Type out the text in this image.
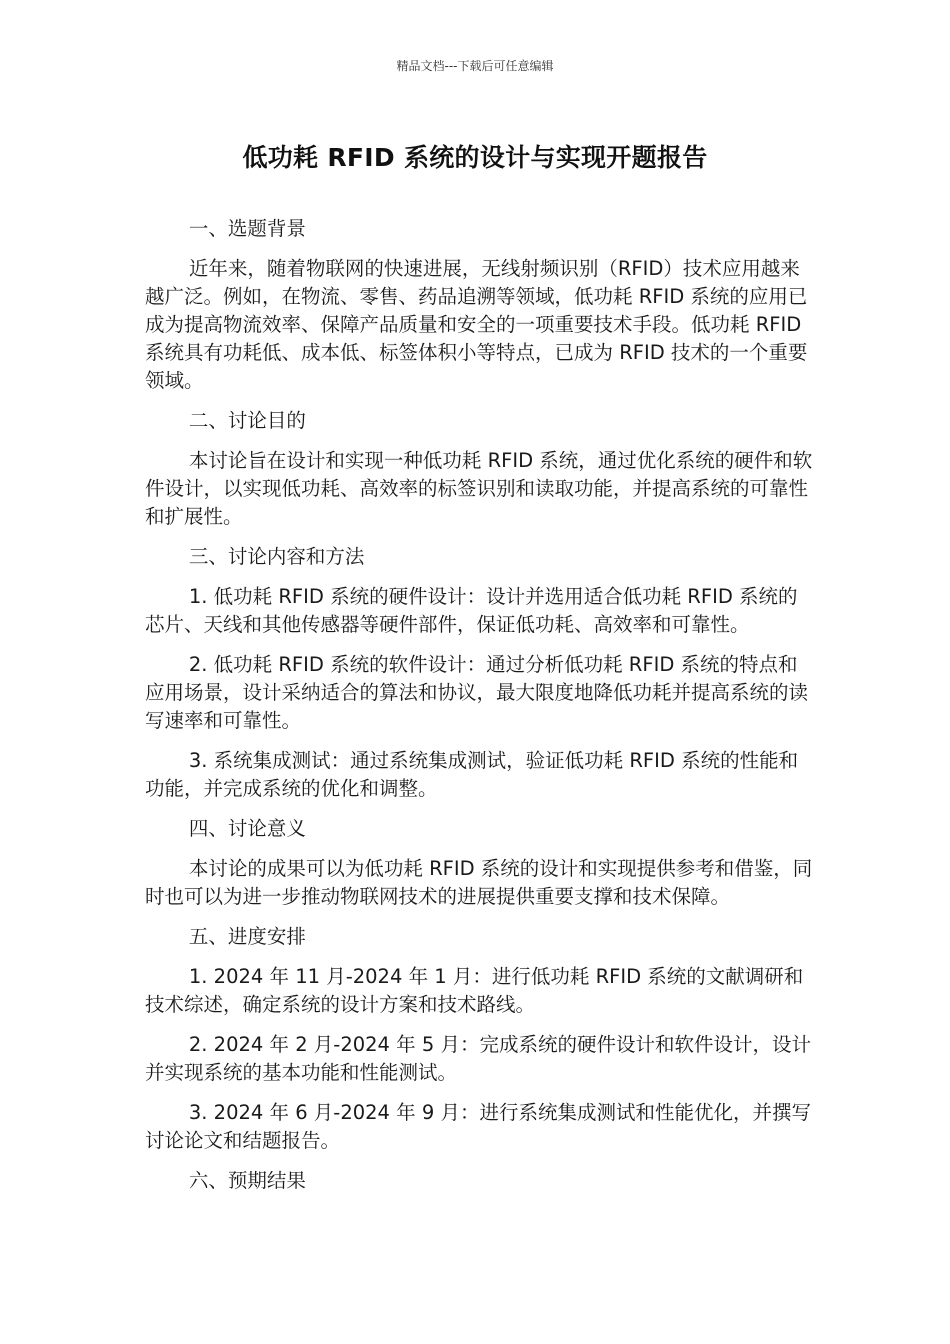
精品文档---下载后可任意编辑
低功耗 RFID 系统的设计与实现开题报告

一、选题背景

近年来，随着物联网的快速进展，无线射频识别（RFID）技术应用越来越广泛。例如，在物流、零售、药品追溯等领域，低功耗 RFID 系统的应用已成为提高物流效率、保障产品质量和安全的一项重要技术手段。低功耗 RFID 系统具有功耗低、成本低、标签体积小等特点，已成为 RFID 技术的一个重要领域。

二、讨论目的

本讨论旨在设计和实现一种低功耗 RFID 系统，通过优化系统的硬件和软件设计，以实现低功耗、高效率的标签识别和读取功能，并提高系统的可靠性和扩展性。

三、讨论内容和方法

1. 低功耗 RFID 系统的硬件设计：设计并选用适合低功耗 RFID 系统的芯片、天线和其他传感器等硬件部件，保证低功耗、高效率和可靠性。

2. 低功耗 RFID 系统的软件设计：通过分析低功耗 RFID 系统的特点和应用场景，设计采纳适合的算法和协议，最大限度地降低功耗并提高系统的读写速率和可靠性。

3. 系统集成测试：通过系统集成测试，验证低功耗 RFID 系统的性能和功能，并完成系统的优化和调整。

四、讨论意义

本讨论的成果可以为低功耗 RFID 系统的设计和实现提供参考和借鉴，同时也可以为进一步推动物联网技术的进展提供重要支撑和技术保障。

五、进度安排

1. 2024 年 11 月-2024 年 1 月：进行低功耗 RFID 系统的文献调研和技术综述，确定系统的设计方案和技术路线。

2. 2024 年 2 月-2024 年 5 月：完成系统的硬件设计和软件设计，设计并实现系统的基本功能和性能测试。

3. 2024 年 6 月-2024 年 9 月：进行系统集成测试和性能优化，并撰写讨论论文和结题报告。

六、预期结果
